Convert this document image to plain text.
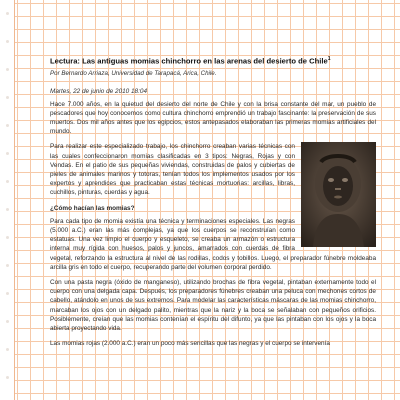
Lectura: Las antiguas momias chinchorro en las arenas del desierto de Chile$^1$
Por Bernardo Arriaza, Universidad de Tarapacá, Arica, Chile.
Martes, 22 de junio de 2010 18:04

Hace 7.000 años, en la quietud del desierto del norte de Chile y con la brisa constante del mar, un pueblo de pescadores que hoy conocemos como cultura chinchorro emprendió un trabajo fascinante: la preservación de sus muertos. Dos mil años antes que los egipcios, estos antepasados elaboraban las primeras momias artificiales del mundo.

Para realizar este especializado trabajo, los chinchorro creaban varias técnicas con las cuales confeccionaron momias clasificadas en 3 tipos: Negras, Rojas y con Vendas. En el patio de sus pequeñas viviendas, construidas de palos y cubiertas de pieles de animales marinos y totoras, tenían todos los implementos usados por los expertos y aprendices que practicaban estas técnicas mortuorias: arcillas, libras, cuchillos, pinturas, cuerdas y agua.

¿Cómo hacían las momias?

Para cada tipo de momia existía una técnica y terminaciones especiales. Las negras (5.000 a.C.) eran las más complejas, ya que los cuerpos se reconstruían como estatuas. Una vez limpio el cuerpo y esqueleto, se creaba un armazón o estructura interna muy rígida con huesos, palos y juncos, amarrados con cuerdas de fibra vegetal, reforzando la estructura al nivel de las rodillas, codos y tobillos. Luego, el preparador fúnebre moldeaba arcilla gris en todo el cuerpo, recuperando parte del volumen corporal perdido.

Con una pasta negra (óxido de manganeso), utilizando brochas de fibra vegetal, pintaban externamente todo el cuerpo con una delgada capa. Después, los preparadores fúnebres creaban una peluca con mechones cortos de cabello, atándolo en unos de sus extremos. Para modelar las características máscaras de las momias chinchorro, marcaban los ojos con un delgado palito, mientras que la nariz y la boca se señalaban con pequeños orificios. Posiblemente, creían que las momias contenían el espíritu del difunto, ya que las pintaban con los ojos y la boca abierta proyectando vida.

Las momias rojas (2.000 a.C.) eran un poco más sencillas que las negras y el cuerpo se intervenía
